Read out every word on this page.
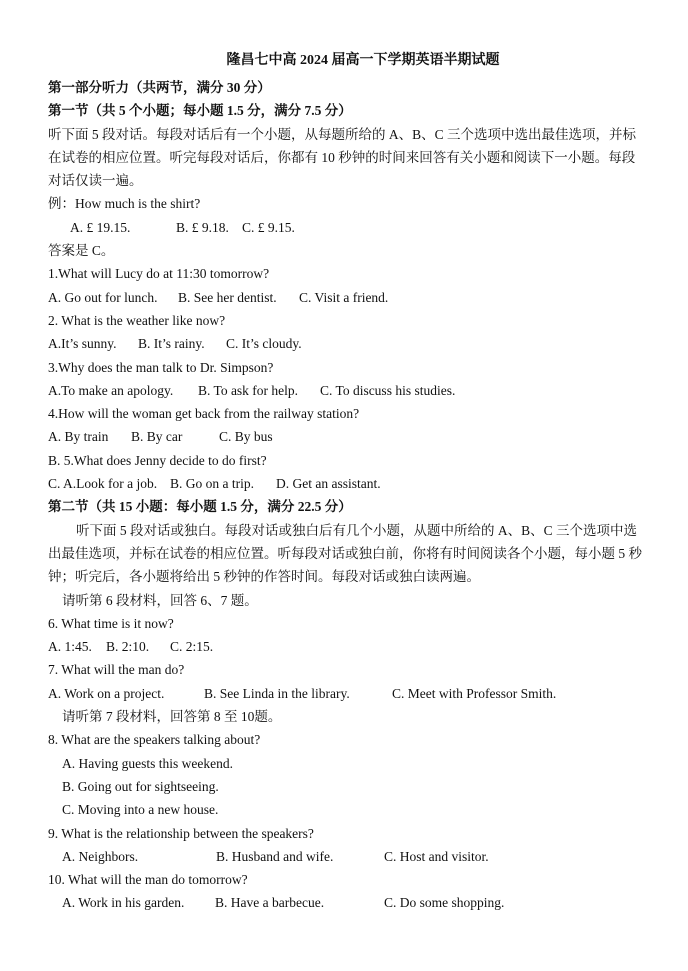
隆昌七中高 2024 届高一下学期英语半期试题
第一部分听力（共两节，满分 30 分）
第一节（共 5 个小题；每小题 1.5 分，满分 7.5 分）
听下面 5 段对话。每段对话后有一个小题，从每题所给的 A、B、C 三个选项中选出最佳选项，并标在试卷的相应位置。听完每段对话后，你都有 10 秒钟的时间来回答有关小题和阅读下一小题。每段对话仅读一遍。
例：How much is the shirt?
A. £ 19.15.	B. £ 9.18. C. £ 9.15.
答案是 C。
1.What will Lucy do at 11:30 tomorrow?
A. Go out for lunch. B. See her dentist. C. Visit a friend.
2. What is the weather like now?
A.It’s sunny. B. It’s rainy. C. It’s cloudy.
3.Why does the man talk to Dr. Simpson?
A.To make an apology. B. To ask for help. C. To discuss his studies.
4.How will the woman get back from the railway station?
A. By train B. By car	C. By bus
B. 5.What does Jenny decide to do first?
C. A.Look for a job. B. Go on a trip. D. Get an assistant.
第二节（共 15 小题：每小题 1.5 分，满分 22.5 分）
听下面 5 段对话或独白。每段对话或独白后有几个小题，从题中所给的 A、B、C 三个选项中选出最佳选项，并标在试卷的相应位置。听每段对话或独白前，你将有时间阅读各个小题，每小题 5 秒钟；听完后，各小题将给出 5 秒钟的作答时间。每段对话或独白读两遍。
请听第 6 段材料，回答 6、7 题。
6. What time is it now?
A. 1:45. B. 2:10. C. 2:15.
7. What will the man do?
A. Work on a project.	B. See Linda in the library.	C. Meet with Professor Smith.
请听第 7 段材料，回答第 8 至 10题。
8. What are the speakers talking about?
A. Having guests this weekend.
B. Going out for sightseeing.
C. Moving into a new house.
9. What is the relationship between the speakers?
A. Neighbors.	B. Husband and wife.	C. Host and visitor.
10. What will the man do tomorrow?
A. Work in his garden. B. Have a barbecue.	C. Do some shopping.
